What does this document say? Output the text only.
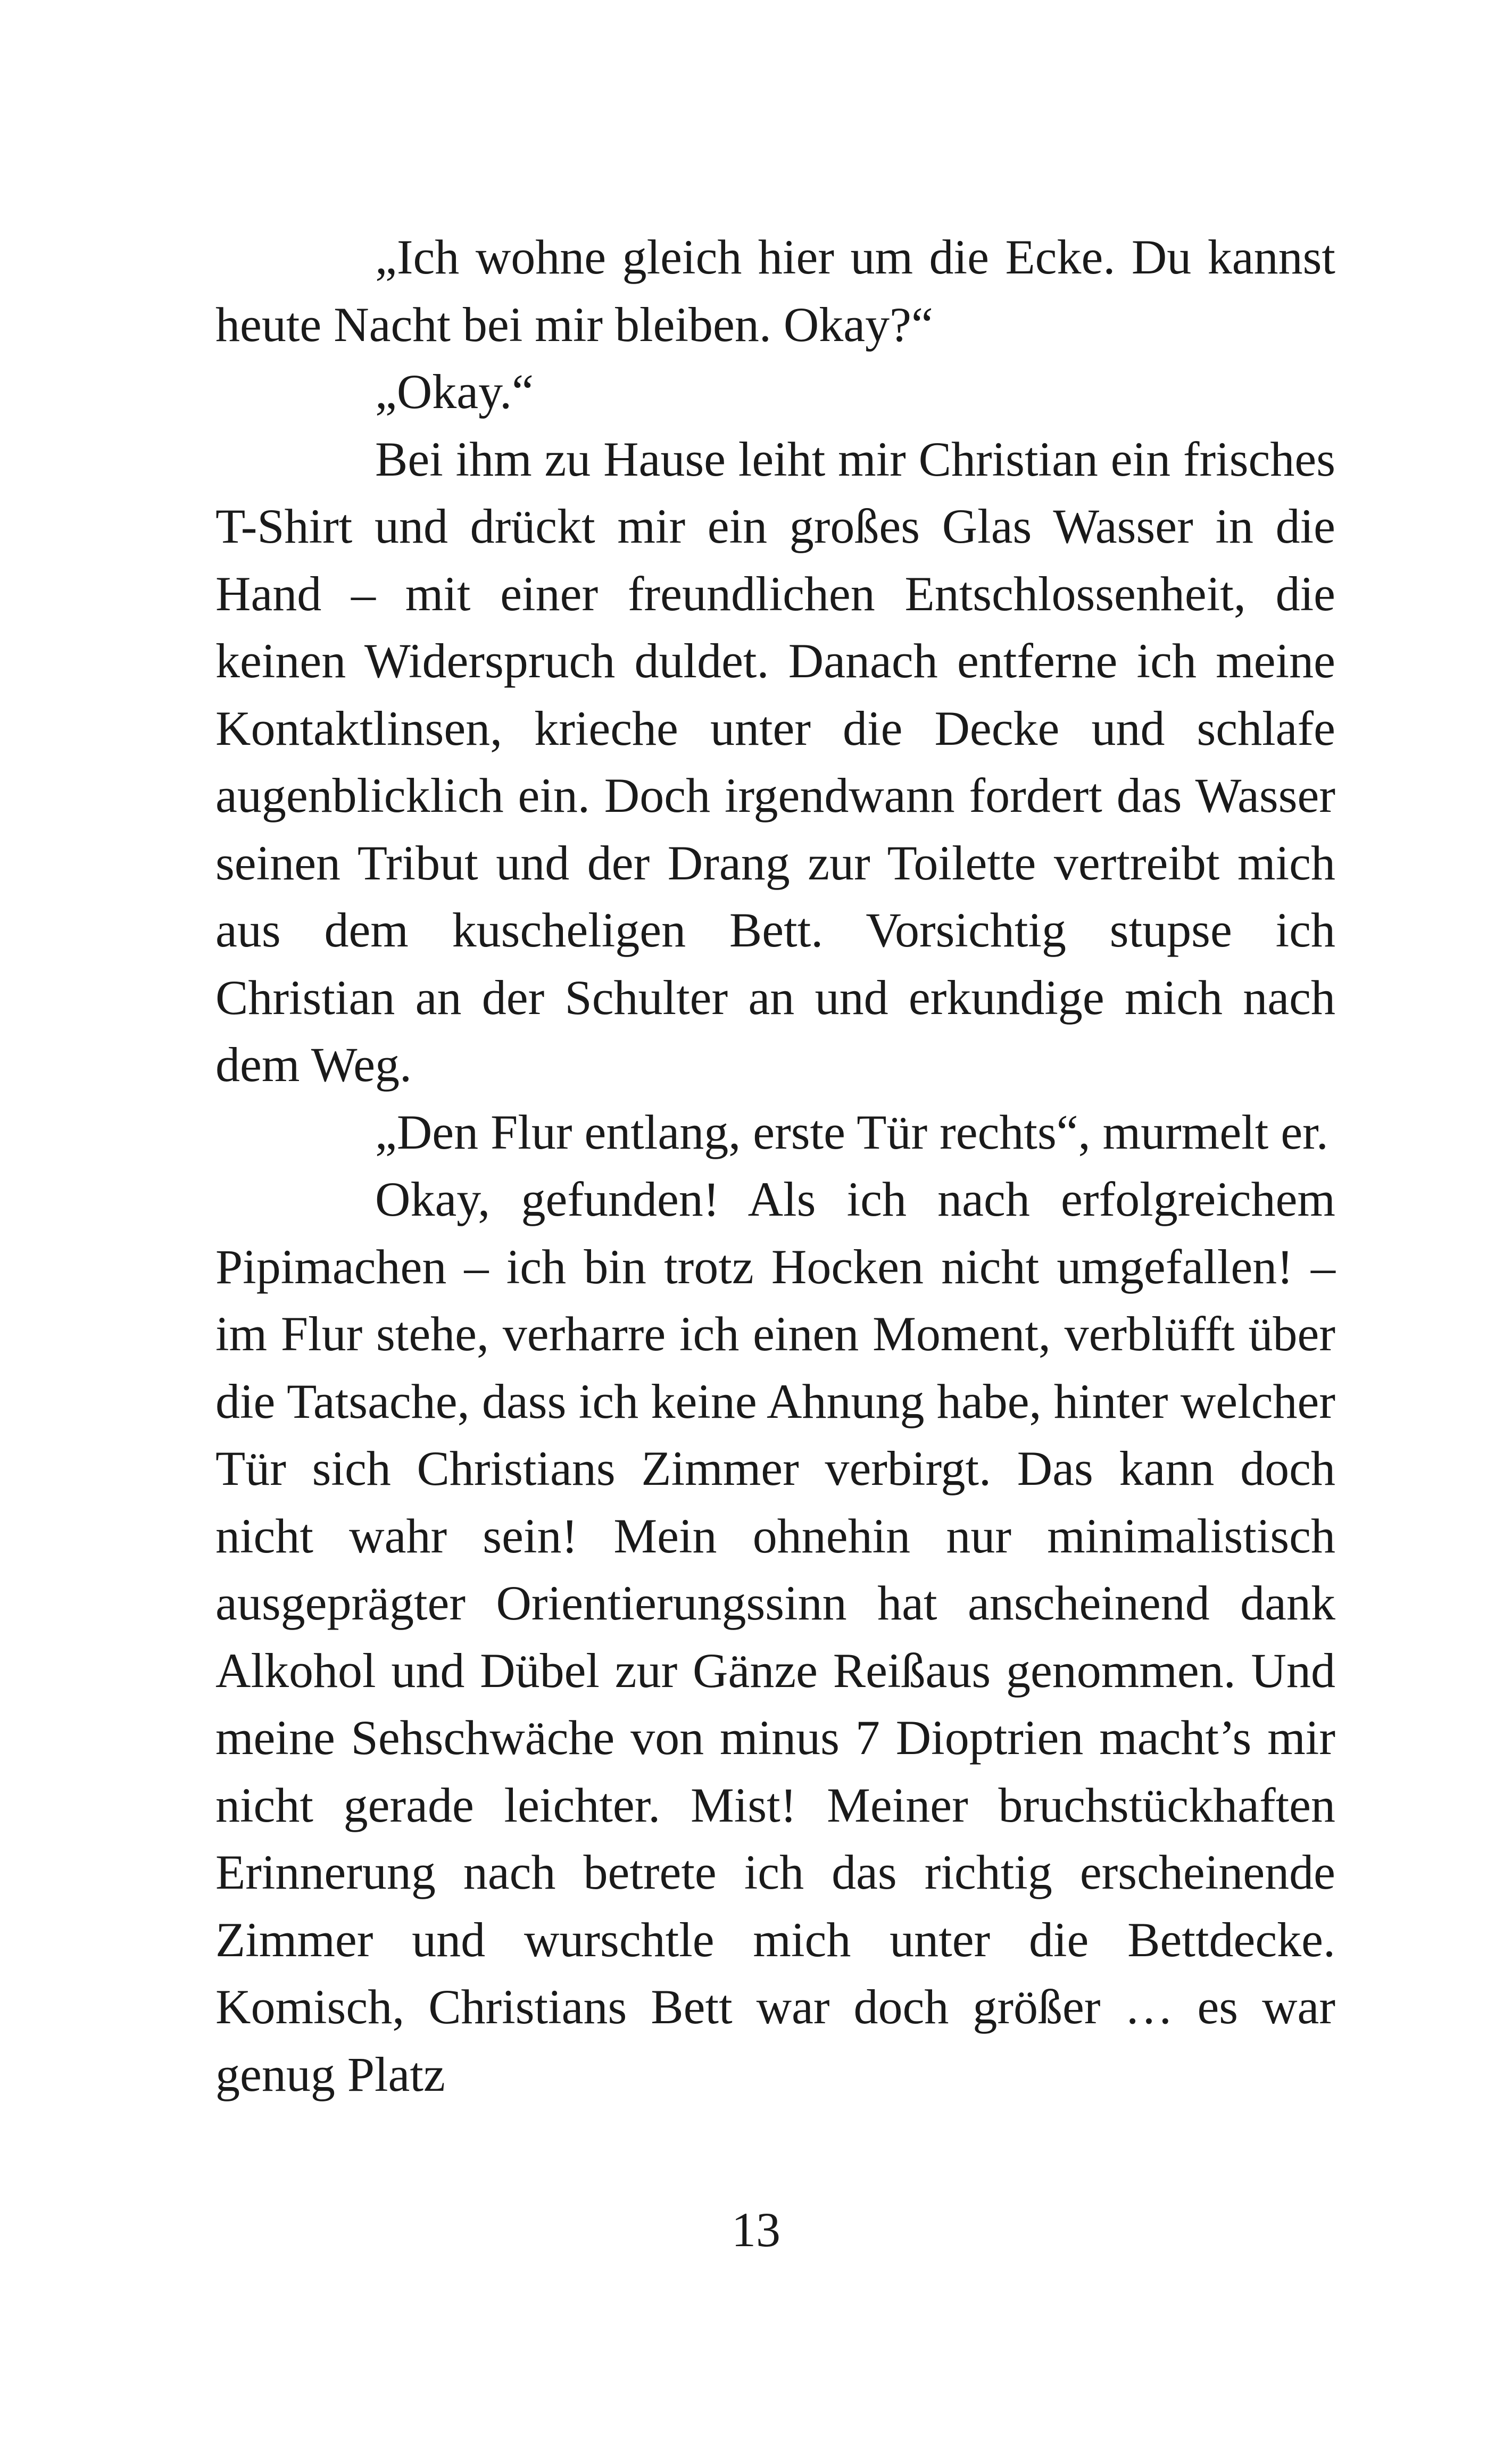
„Ich wohne gleich hier um die Ecke. Du kannst heute Nacht bei mir bleiben. Okay?“

„Okay.“

Bei ihm zu Hause leiht mir Christian ein frisches T-Shirt und drückt mir ein großes Glas Wasser in die Hand – mit einer freundlichen Entschlossenheit, die keinen Widerspruch duldet. Danach entferne ich meine Kontaktlinsen, krieche unter die Decke und schlafe augenblicklich ein. Doch irgendwann fordert das Wasser seinen Tribut und der Drang zur Toilette vertreibt mich aus dem kuscheligen Bett. Vorsichtig stupse ich Christian an der Schulter an und erkundige mich nach dem Weg.

„Den Flur entlang, erste Tür rechts“, murmelt er.

Okay, gefunden! Als ich nach erfolgreichem Pipimachen – ich bin trotz Hocken nicht umgefallen! – im Flur stehe, verharre ich einen Moment, verblüfft über die Tatsache, dass ich keine Ahnung habe, hinter welcher Tür sich Christians Zimmer verbirgt. Das kann doch nicht wahr sein! Mein ohnehin nur minimalistisch ausgeprägter Orientierungssinn hat anscheinend dank Alkohol und Dübel zur Gänze Reißaus genommen. Und meine Sehschwäche von minus 7 Dioptrien macht’s mir nicht gerade leichter. Mist! Meiner bruchstückhaften Erinnerung nach betrete ich das richtig erscheinende Zimmer und wurschtle mich unter die Bettdecke. Komisch, Christians Bett war doch größer … es war genug Platz

13
